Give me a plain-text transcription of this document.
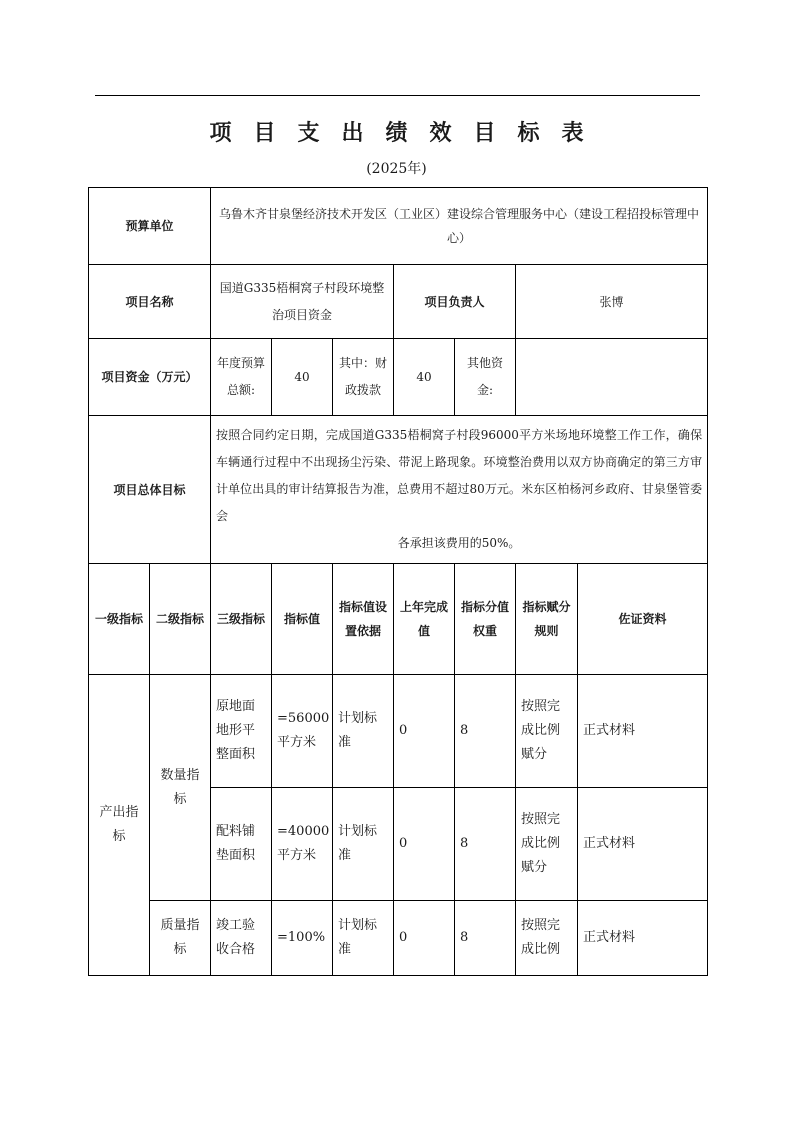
项目支出绩效目标表
(2025年)
预算单位		乌鲁木齐甘泉堡经济技术开发区（工业区）建设综合管理服务中心（建设工程招投标管理中心）						
项目名称		国道G335梧桐窝子村段环境整治项目资金			项目负责人		张博	
项目资金（万元）		年度预算总额:	40	其中：财政拨款	40	其他资金:		
项目总体目标		按照合同约定日期，完成国道G335梧桐窝子村段96000平方米场地环境整工作工作，确保车辆通行过程中不出现扬尘污染、带泥上路现象。环境整治费用以双方协商确定的第三方审计单位出具的审计结算报告为准，总费用不超过80万元。米东区柏杨河乡政府、甘泉堡管委会
各承担该费用的50%。						

一级指标	二级指标	三级指标	指标值	指标值设置依据	上年完成值	指标分值权重	指标赋分规则	佐证资料
产出指标	数量指标	原地面地形平整面积	=56000平方米	计划标准	0	8	按照完成比例赋分	正式材料
		配料铺垫面积	=40000平方米	计划标准	0	8	按照完成比例赋分	正式材料
	质量指标	竣工验收合格	=100%	计划标准	0	8	按照完成比例	正式材料
